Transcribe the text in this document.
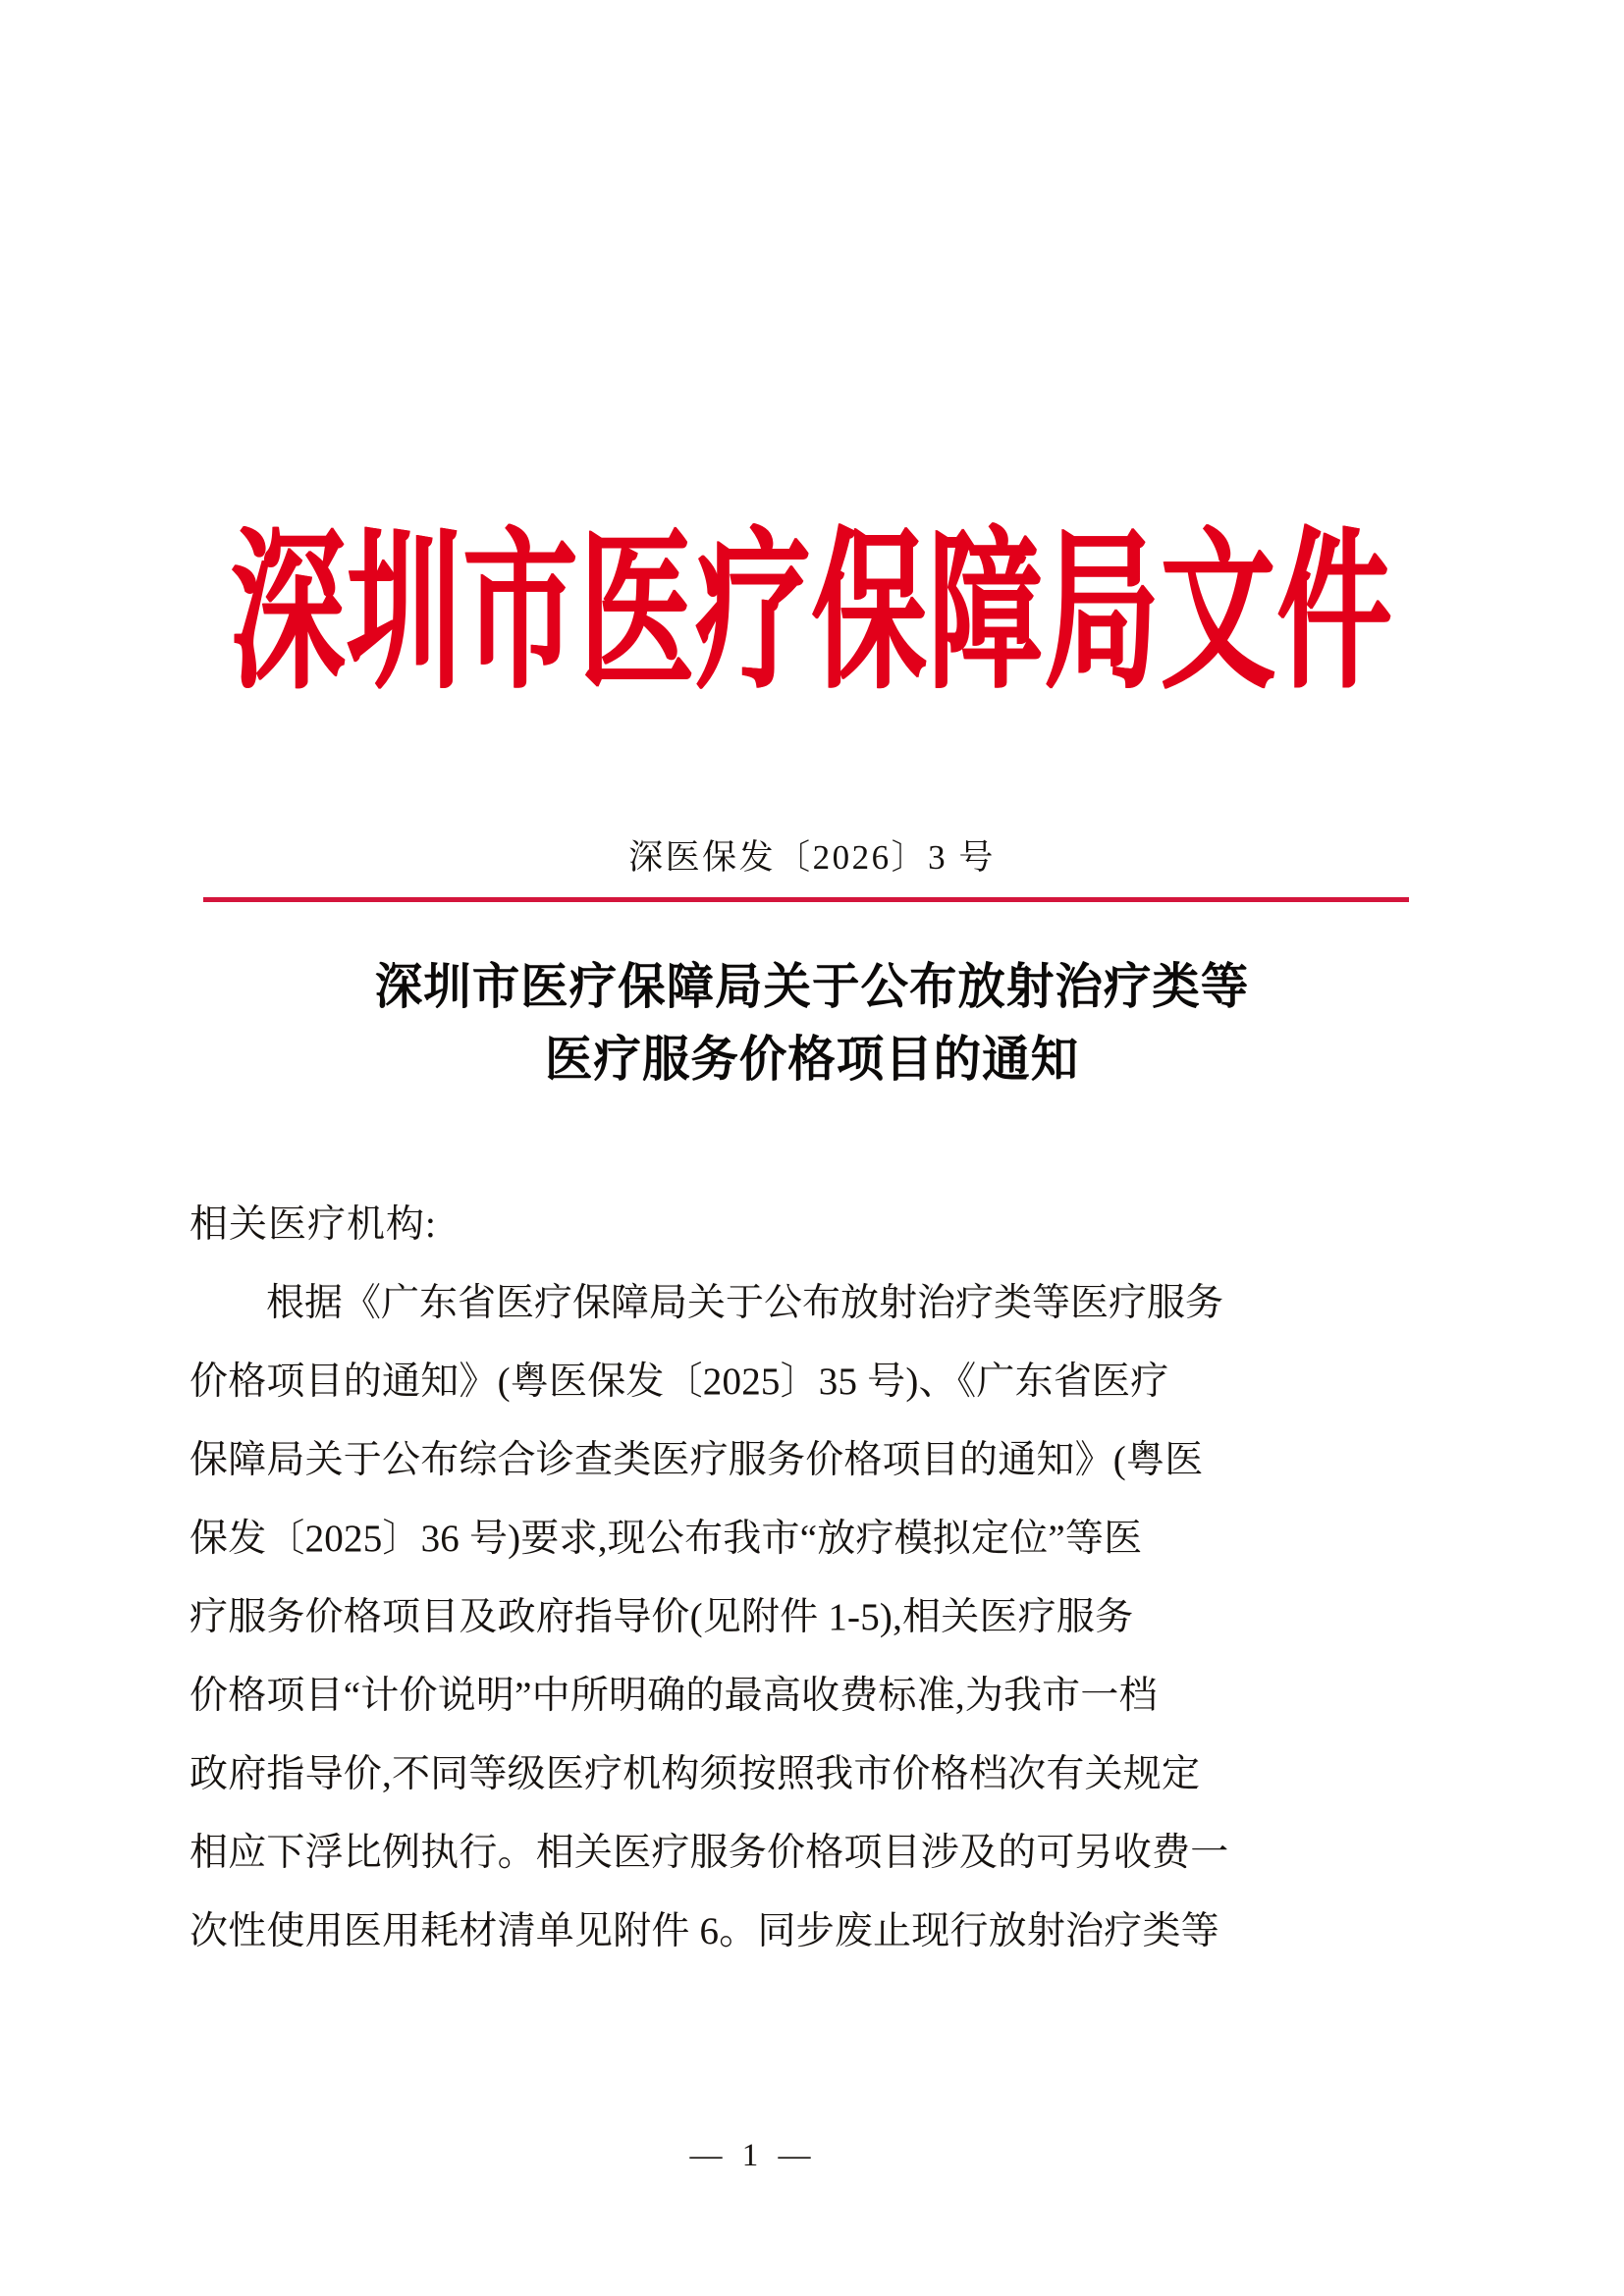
深圳市医疗保障局文件
深医保发〔2026〕3 号
深圳市医疗保障局关于公布放射治疗类等
医疗服务价格项目的通知
相关医疗机构:
根据《广东省医疗保障局关于公布放射治疗类等医疗服务
价格项目的通知》(粤医保发〔2025〕35 号)、《广东省医疗
保障局关于公布综合诊查类医疗服务价格项目的通知》(粤医
保发〔2025〕36 号)要求,现公布我市“放疗模拟定位”等医
疗服务价格项目及政府指导价(见附件 1-5),相关医疗服务
价格项目“计价说明”中所明确的最高收费标准,为我市一档
政府指导价,不同等级医疗机构须按照我市价格档次有关规定
相应下浮比例执行。相关医疗服务价格项目涉及的可另收费一
次性使用医用耗材清单见附件 6。同步废止现行放射治疗类等
— 1 —
